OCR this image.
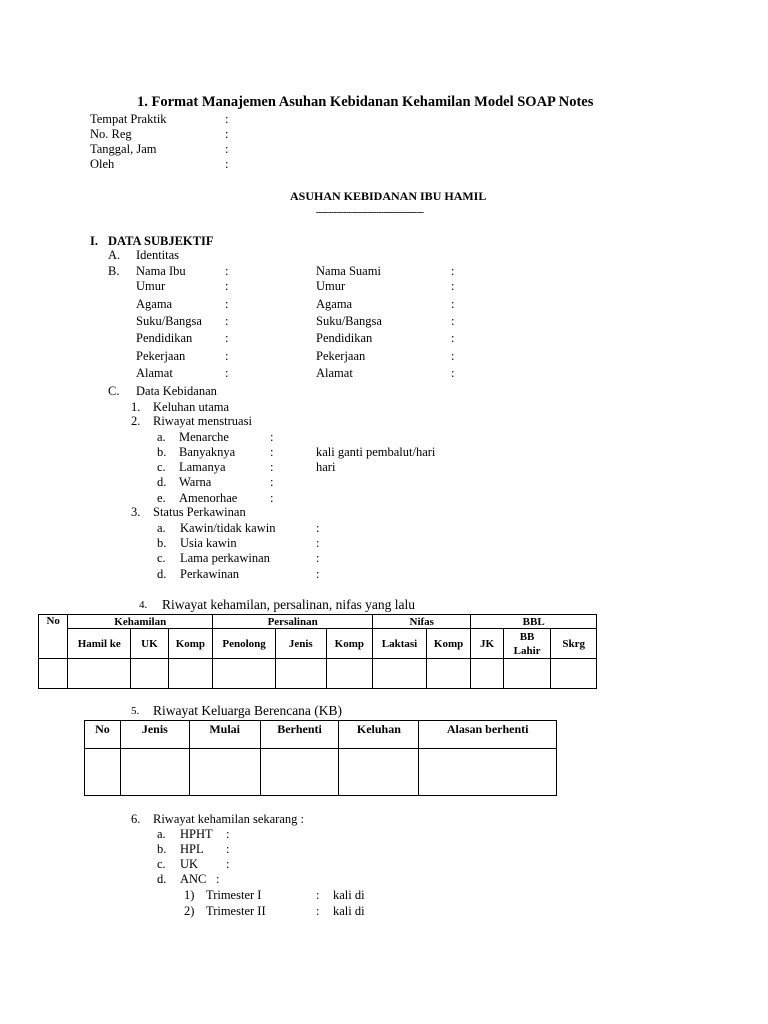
1. Format Manajemen Asuhan Kebidanan Kehamilan Model SOAP Notes
Tempat Praktik	:
No. Reg	:
Tanggal, Jam	:
Oleh	:
ASUHAN KEBIDANAN IBU HAMIL
-------------------------------------------
I. DATA SUBJEKTIF
A. Identitas
B. Nama Ibu	:	Nama Suami	:
Umur	:	Umur	:
Agama	:	Agama	:
Suku/Bangsa :	Suku/Bangsa	:
Pendidikan	:	Pendidikan	:
Pekerjaan	:	Pekerjaan	:
Alamat	:	Alamat	:
C. Data Kebidanan
1. Keluhan utama
2. Riwayat menstruasi
a. Menarche	:
b. Banyaknya	:	kali ganti pembalut/hari
c. Lamanya	:	hari
d. Warna	:
e. Amenorhae	:
3. Status Perkawinan
a. Kawin/tidak kawin	:
b. Usia kawin	:
c. Lama perkawinan	:
d. Perkawinan	:
4. Riwayat kehamilan, persalinan, nifas yang lalu
No	Kehamilan			Persalinan			Nifas		BBL		
	Hamil ke	UK	Komp	Penolong	Jenis	Komp	Laktasi	Komp	JK	BB Lahir	Skrg

5. Riwayat Keluarga Berencana (KB)
No	Jenis	Mulai	Berhenti	Keluhan	Alasan berhenti

6. Riwayat kehamilan sekarang :
a. HPHT :
b. HPL :
c. UK :
d. ANC :
1) Trimester I	: kali di
2) Trimester II	: kali di
